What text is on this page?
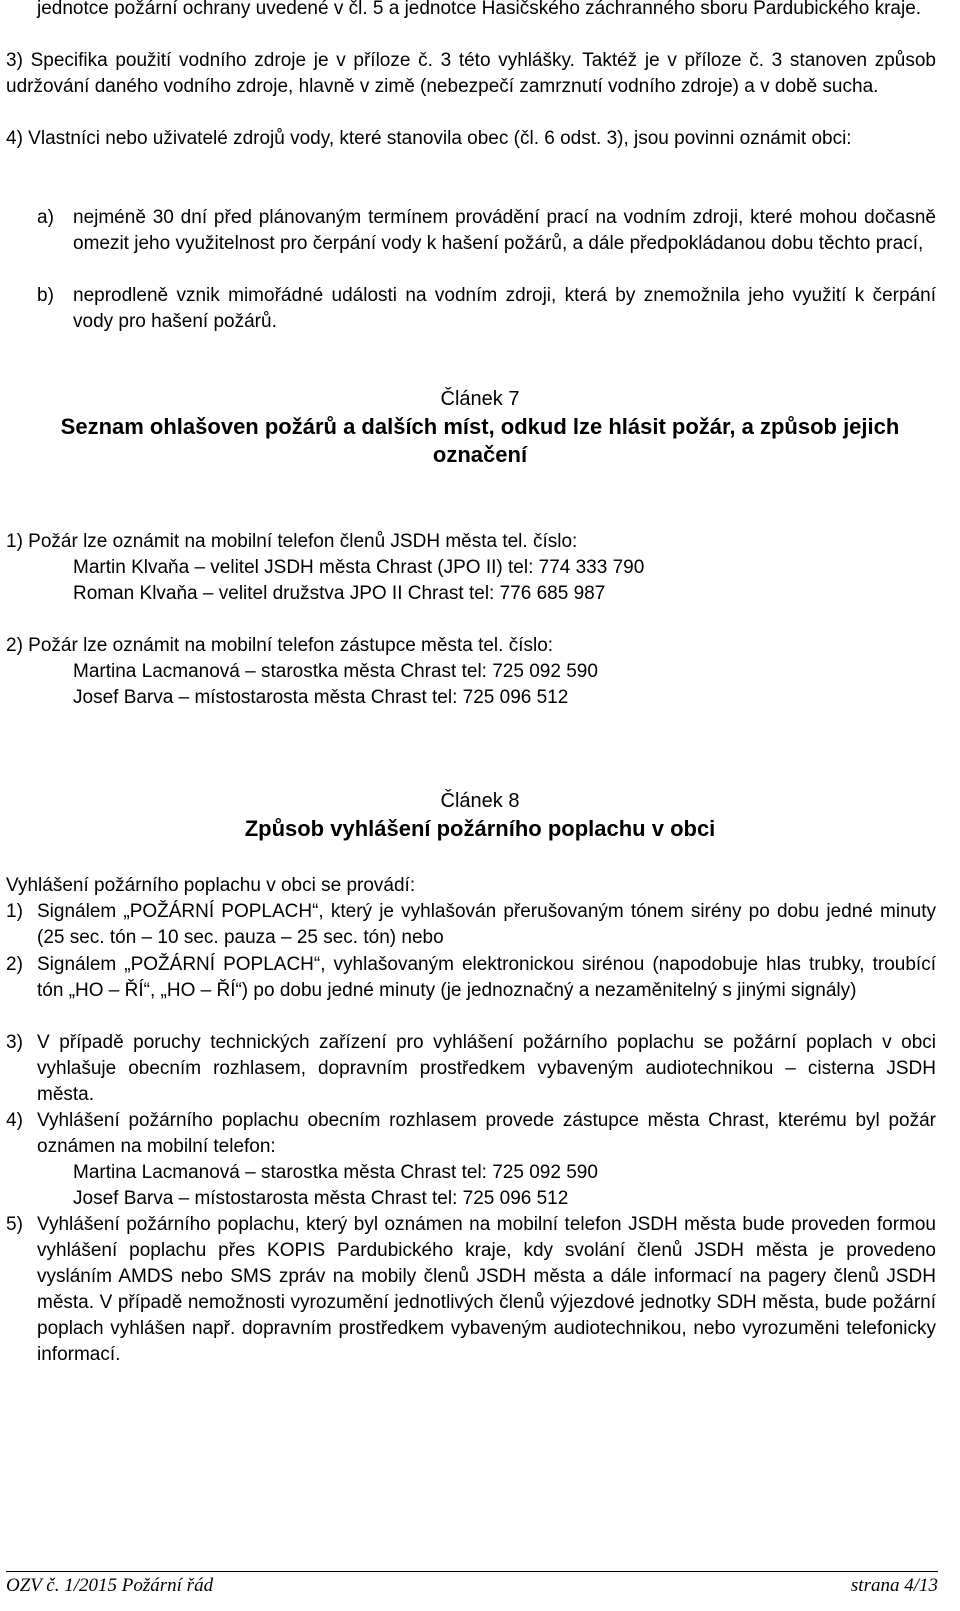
jednotce požární ochrany uvedené v čl. 5 a jednotce Hasičského záchranného sboru Pardubického kraje.

3) Specifika použití vodního zdroje je v příloze č. 3 této vyhlášky. Taktéž je v příloze č. 3 stanoven způsob udržování daného vodního zdroje, hlavně v zimě (nebezpečí zamrznutí vodního zdroje) a v době sucha.

4) Vlastníci nebo uživatelé zdrojů vody, které stanovila obec (čl. 6 odst. 3), jsou povinni oznámit obci:

a)	nejméně 30 dní před plánovaným termínem provádění prací na vodním zdroji, které mohou dočasně omezit jeho využitelnost pro čerpání vody k hašení požárů, a dále předpokládanou dobu těchto prací,

b)	neprodleně vznik mimořádné události na vodním zdroji, která by znemožnila jeho využití k čerpání vody pro hašení požárů.

Článek 7

Seznam ohlašoven požárů a dalších míst, odkud lze hlásit požár, a způsob jejich označení

1) Požár lze oznámit na mobilní telefon členů JSDH města tel. číslo:

Martin Klvaňa – velitel JSDH města Chrast (JPO II) tel: 774 333 790

Roman Klvaňa – velitel družstva JPO II Chrast tel: 776 685 987

2) Požár lze oznámit na mobilní telefon zástupce města tel. číslo:

Martina Lacmanová – starostka města Chrast tel: 725 092 590

Josef Barva – místostarosta města Chrast tel: 725 096 512

Článek 8

Způsob vyhlášení požárního poplachu v obci

Vyhlášení požárního poplachu v obci se provádí:

1) Signálem „POŽÁRNÍ POPLACH“, který je vyhlašován přerušovaným tónem sirény po dobu jedné minuty (25 sec. tón – 10 sec. pauza – 25 sec. tón) nebo

2) Signálem „POŽÁRNÍ POPLACH“, vyhlašovaným elektronickou sirénou (napodobuje hlas trubky, troubící tón „HO – ŘÍ“, „HO – ŘÍ“) po dobu jedné minuty (je jednoznačný a nezaměnitelný s jinými signály)

3) V případě poruchy technických zařízení pro vyhlášení požárního poplachu se požární poplach v obci vyhlašuje obecním rozhlasem, dopravním prostředkem vybaveným audiotechnikou – cisterna JSDH města.

4) Vyhlášení požárního poplachu obecním rozhlasem provede zástupce města Chrast, kterému byl požár oznámen na mobilní telefon:

Martina Lacmanová – starostka města Chrast tel: 725 092 590

Josef Barva – místostarosta města Chrast tel: 725 096 512

5) Vyhlášení požárního poplachu, který byl oznámen na mobilní telefon JSDH města bude proveden formou vyhlášení poplachu přes KOPIS Pardubického kraje, kdy svolání členů JSDH města je provedeno vysláním AMDS nebo SMS zpráv na mobily členů JSDH města a dále informací na pagery členů JSDH města. V případě nemožnosti vyrozumění jednotlivých členů výjezdové jednotky SDH města, bude požární poplach vyhlášen např. dopravním prostředkem vybaveným audiotechnikou, nebo vyrozuměni telefonicky informací.

OZV č. 1/2015 Požární řád	strana 4/13
